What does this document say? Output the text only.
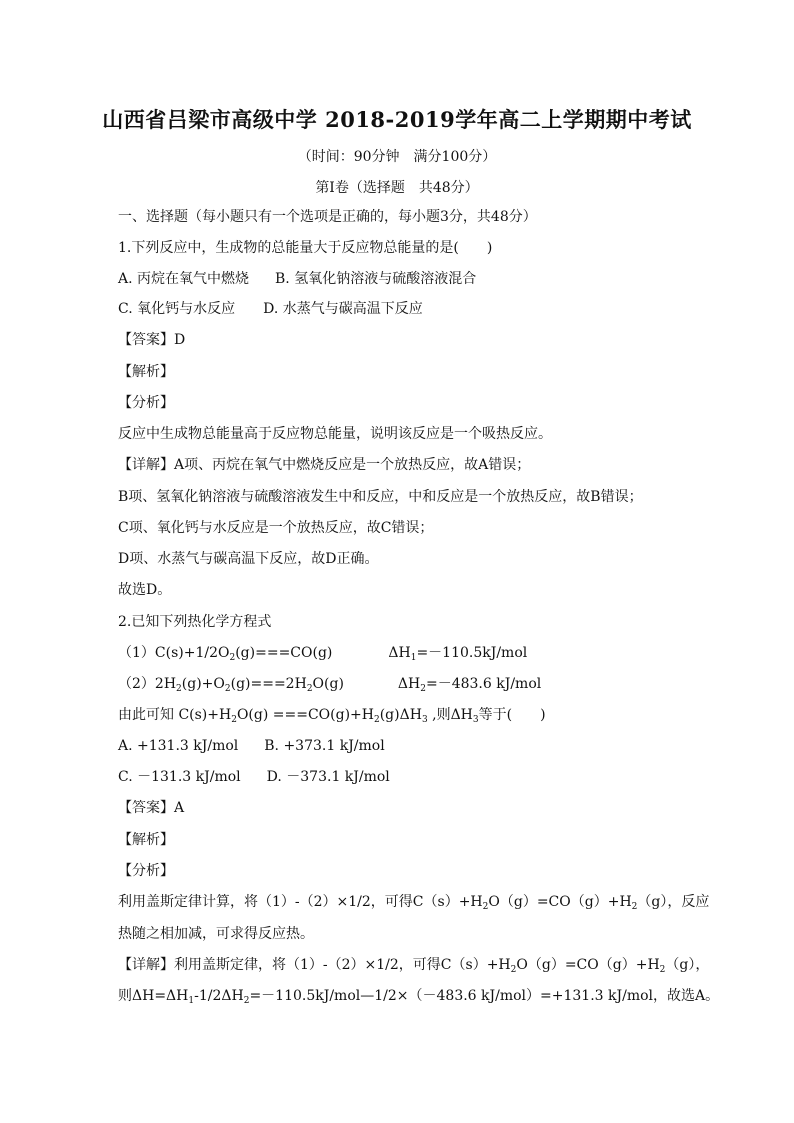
山西省吕梁市高级中学 2018-2019学年高二上学期期中考试
（时间：90分钟　满分100分）
第Ⅰ卷（选择题　共48分）
一、选择题（每小题只有一个选项是正确的，每小题3分，共48分）
1.下列反应中，生成物的总能量大于反应物总能量的是(　　)
A. 丙烷在氧气中燃烧 B. 氢氧化钠溶液与硫酸溶液混合
C. 氧化钙与水反应 D. 水蒸气与碳高温下反应
【答案】D
【解析】
【分析】
反应中生成物总能量高于反应物总能量，说明该反应是一个吸热反应。
【详解】A项、丙烷在氧气中燃烧反应是一个放热反应，故A错误；
B项、氢氧化钠溶液与硫酸溶液发生中和反应，中和反应是一个放热反应，故B错误；
C项、氧化钙与水反应是一个放热反应，故C错误；
D项、水蒸气与碳高温下反应，故D正确。
故选D。
2.已知下列热化学方程式
$(1)C(s)+1/2O_2(g)===CO(g)$	$\Delta H_1=-110.5kJ$/mol
$(2)2H_2(g)+O_2(g)===2H_2O(g)$	$\Delta H_2=-483.6$ kJ/mol
由此可知 $C(s)+H_2O(g) ===CO(g)+H_2(g)\Delta H_3$ ,则$\Delta H_3$等于(　　)
A. +131.3 kJ/mol B. +373.1 kJ/mol
C. －131.3 kJ/mol D. －373.1 kJ/mol
【答案】A
【解析】
【分析】
利用盖斯定律计算，将（1）-（2）×1/2，可得$C(s)+H_2O(g)=CO(g)+H_2(g)$，反应
热随之相加减，可求得反应热。
【详解】利用盖斯定律，将（1）-（2）×1/2，可得$C(s)+H_2O(g)=CO(g)+H_2(g)$，
则$\Delta H=\Delta H_1-1/2\Delta H_2=-110.5kJ/mol—1/2\times(-483.6$ kJ/mol）=+131.3 kJ/mol，故选A。
